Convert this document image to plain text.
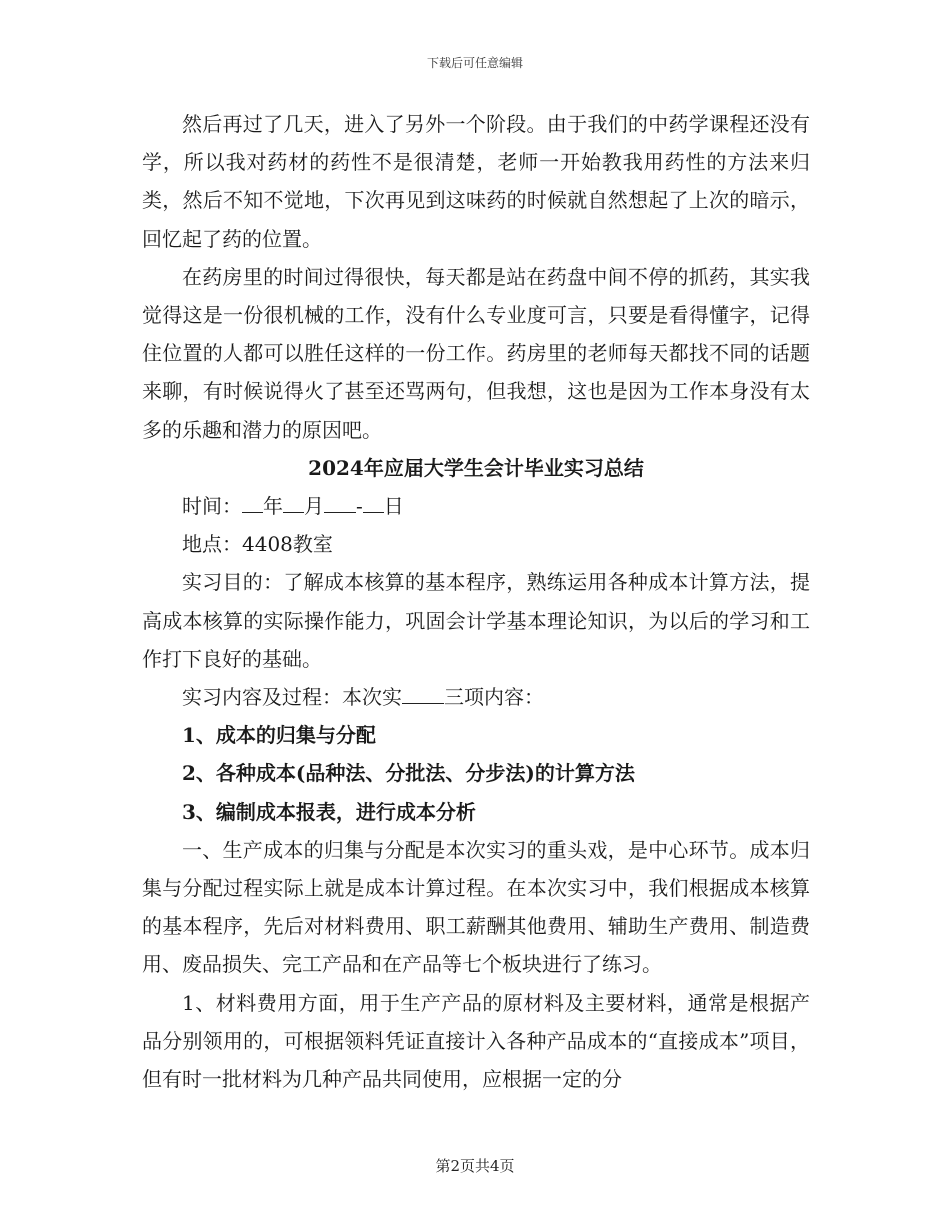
下载后可任意编辑

然后再过了几天，进入了另外一个阶段。由于我们的中药学课程还没有学，所以我对药材的药性不是很清楚，老师一开始教我用药性的方法来归类，然后不知不觉地，下次再见到这味药的时候就自然想起了上次的暗示，回忆起了药的位置。

在药房里的时间过得很快，每天都是站在药盘中间不停的抓药，其实我觉得这是一份很机械的工作，没有什么专业度可言，只要是看得懂字，记得住位置的人都可以胜任这样的一份工作。药房里的老师每天都找不同的话题来聊，有时候说得火了甚至还骂两句，但我想，这也是因为工作本身没有太多的乐趣和潜力的原因吧。

2024年应届大学生会计毕业实习总结

时间： 年 月 - 日

地点：4408教室

实习目的：了解成本核算的基本程序，熟练运用各种成本计算方法，提高成本核算的实际操作能力，巩固会计学基本理论知识，为以后的学习和工作打下良好的基础。

实习内容及过程：本次实 三项内容：

1、成本的归集与分配

2、各种成本(品种法、分批法、分步法)的计算方法

3、编制成本报表，进行成本分析

一、生产成本的归集与分配是本次实习的重头戏，是中心环节。成本归集与分配过程实际上就是成本计算过程。在本次实习中，我们根据成本核算的基本程序，先后对材料费用、职工薪酬其他费用、辅助生产费用、制造费用、废品损失、完工产品和在产品等七个板块进行了练习。

1、材料费用方面，用于生产产品的原材料及主要材料，通常是根据产品分别领用的，可根据领料凭证直接计入各种产品成本的“直接成本”项目，但有时一批材料为几种产品共同使用，应根据一定的分

第2页共4页
